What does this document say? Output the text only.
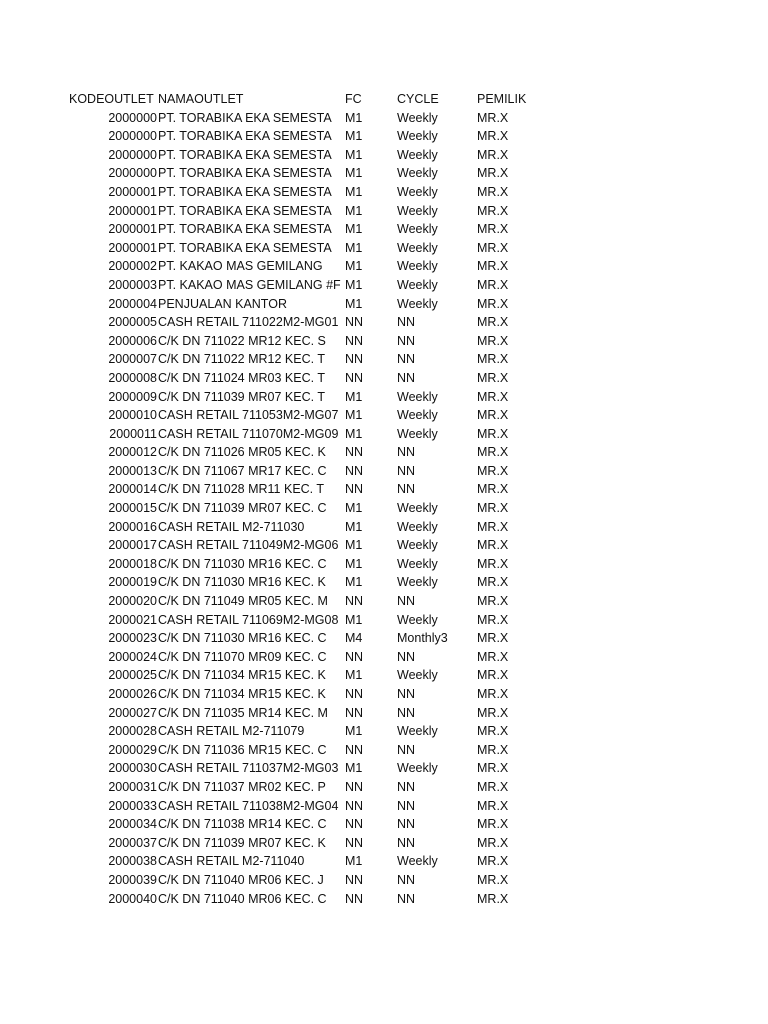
KODEOUTLET	NAMAOUTLET	FC	CYCLE	PEMILIK
2000000	PT. TORABIKA EKA SEMESTA	M1	Weekly	MR.X
2000000	PT. TORABIKA EKA SEMESTA	M1	Weekly	MR.X
2000000	PT. TORABIKA EKA SEMESTA	M1	Weekly	MR.X
2000000	PT. TORABIKA EKA SEMESTA	M1	Weekly	MR.X
2000001	PT. TORABIKA EKA SEMESTA	M1	Weekly	MR.X
2000001	PT. TORABIKA EKA SEMESTA	M1	Weekly	MR.X
2000001	PT. TORABIKA EKA SEMESTA	M1	Weekly	MR.X
2000001	PT. TORABIKA EKA SEMESTA	M1	Weekly	MR.X
2000002	PT. KAKAO MAS GEMILANG	M1	Weekly	MR.X
2000003	PT. KAKAO MAS GEMILANG #F	M1	Weekly	MR.X
2000004	PENJUALAN KANTOR	M1	Weekly	MR.X
2000005	CASH RETAIL 711022M2-MG01	NN	NN	MR.X
2000006	C/K DN 711022 MR12 KEC. S	NN	NN	MR.X
2000007	C/K DN 711022 MR12 KEC. T	NN	NN	MR.X
2000008	C/K DN 711024 MR03 KEC. T	NN	NN	MR.X
2000009	C/K DN 711039 MR07 KEC. T	M1	Weekly	MR.X
2000010	CASH RETAIL 711053M2-MG07	M1	Weekly	MR.X
2000011	CASH RETAIL 711070M2-MG09	M1	Weekly	MR.X
2000012	C/K DN 711026 MR05 KEC. K	NN	NN	MR.X
2000013	C/K DN 711067 MR17 KEC. C	NN	NN	MR.X
2000014	C/K DN 711028 MR11 KEC. T	NN	NN	MR.X
2000015	C/K DN 711039 MR07 KEC. C	M1	Weekly	MR.X
2000016	CASH RETAIL M2-711030	M1	Weekly	MR.X
2000017	CASH RETAIL 711049M2-MG06	M1	Weekly	MR.X
2000018	C/K DN 711030 MR16 KEC. C	M1	Weekly	MR.X
2000019	C/K DN 711030 MR16 KEC. K	M1	Weekly	MR.X
2000020	C/K DN 711049 MR05 KEC. M	NN	NN	MR.X
2000021	CASH RETAIL 711069M2-MG08	M1	Weekly	MR.X
2000023	C/K DN 711030 MR16 KEC. C	M4	Monthly3	MR.X
2000024	C/K DN 711070 MR09 KEC. C	NN	NN	MR.X
2000025	C/K DN 711034 MR15 KEC. K	M1	Weekly	MR.X
2000026	C/K DN 711034 MR15 KEC. K	NN	NN	MR.X
2000027	C/K DN 711035 MR14 KEC. M	NN	NN	MR.X
2000028	CASH RETAIL M2-711079	M1	Weekly	MR.X
2000029	C/K DN 711036 MR15 KEC. C	NN	NN	MR.X
2000030	CASH RETAIL 711037M2-MG03	M1	Weekly	MR.X
2000031	C/K DN 711037 MR02 KEC. P	NN	NN	MR.X
2000033	CASH RETAIL 711038M2-MG04	NN	NN	MR.X
2000034	C/K DN 711038 MR14 KEC. C	NN	NN	MR.X
2000037	C/K DN 711039 MR07 KEC. K	NN	NN	MR.X
2000038	CASH RETAIL M2-711040	M1	Weekly	MR.X
2000039	C/K DN 711040 MR06 KEC. J	NN	NN	MR.X
2000040	C/K DN 711040 MR06 KEC. C	NN	NN	MR.X
